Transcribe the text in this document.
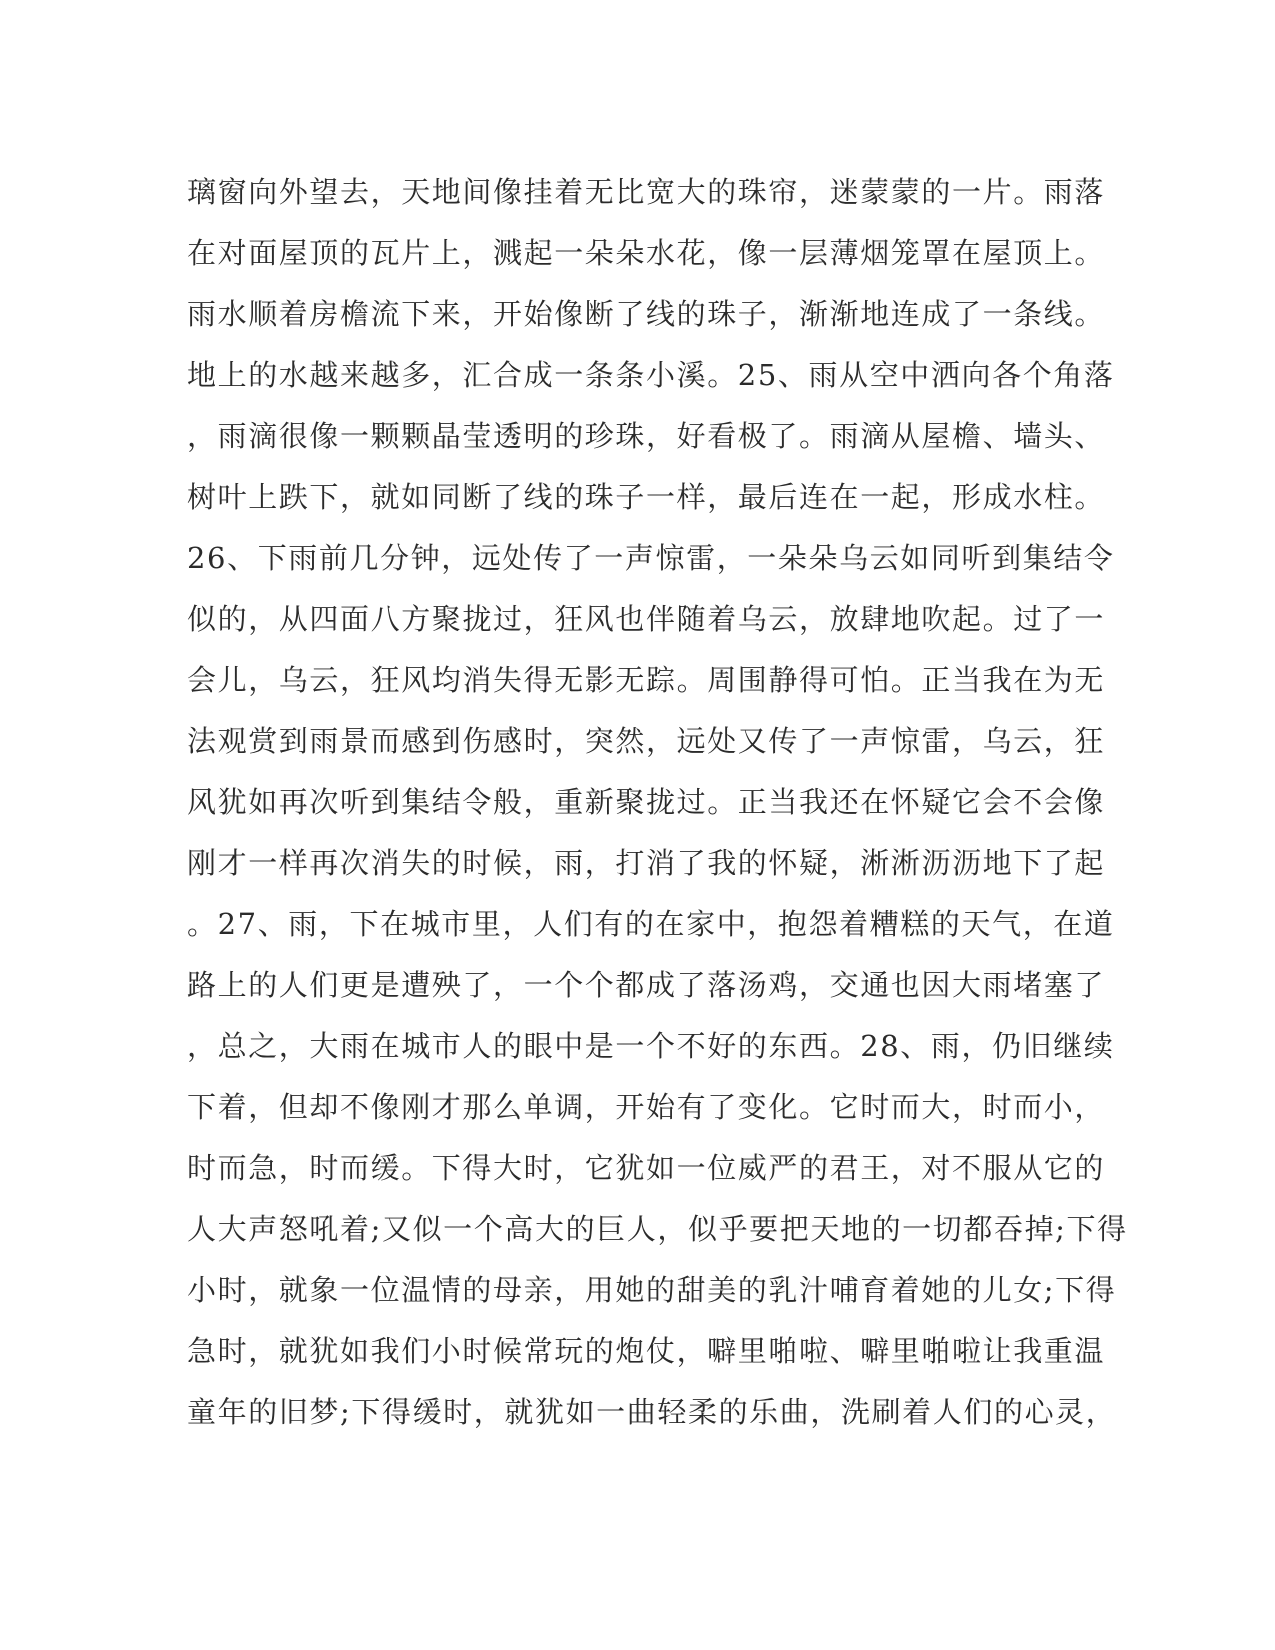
璃窗向外望去，天地间像挂着无比宽大的珠帘，迷蒙蒙的一片。雨落
在对面屋顶的瓦片上，溅起一朵朵水花，像一层薄烟笼罩在屋顶上。
雨水顺着房檐流下来，开始像断了线的珠子，渐渐地连成了一条线。
地上的水越来越多，汇合成一条条小溪。25、雨从空中洒向各个角落
，雨滴很像一颗颗晶莹透明的珍珠，好看极了。雨滴从屋檐、墙头、
树叶上跌下，就如同断了线的珠子一样，最后连在一起，形成水柱。
26、下雨前几分钟，远处传了一声惊雷，一朵朵乌云如同听到集结令
似的，从四面八方聚拢过，狂风也伴随着乌云，放肆地吹起。过了一
会儿，乌云，狂风均消失得无影无踪。周围静得可怕。正当我在为无
法观赏到雨景而感到伤感时，突然，远处又传了一声惊雷，乌云，狂
风犹如再次听到集结令般，重新聚拢过。正当我还在怀疑它会不会像
刚才一样再次消失的时候，雨，打消了我的怀疑，淅淅沥沥地下了起
。27、雨，下在城市里，人们有的在家中，抱怨着糟糕的天气，在道
路上的人们更是遭殃了，一个个都成了落汤鸡，交通也因大雨堵塞了
，总之，大雨在城市人的眼中是一个不好的东西。28、雨，仍旧继续
下着，但却不像刚才那么单调，开始有了变化。它时而大，时而小，
时而急，时而缓。下得大时，它犹如一位威严的君王，对不服从它的
人大声怒吼着;又似一个高大的巨人，似乎要把天地的一切都吞掉;下得
小时，就象一位温情的母亲，用她的甜美的乳汁哺育着她的儿女;下得
急时，就犹如我们小时候常玩的炮仗，噼里啪啦、噼里啪啦让我重温
童年的旧梦;下得缓时，就犹如一曲轻柔的乐曲，洗刷着人们的心灵，
